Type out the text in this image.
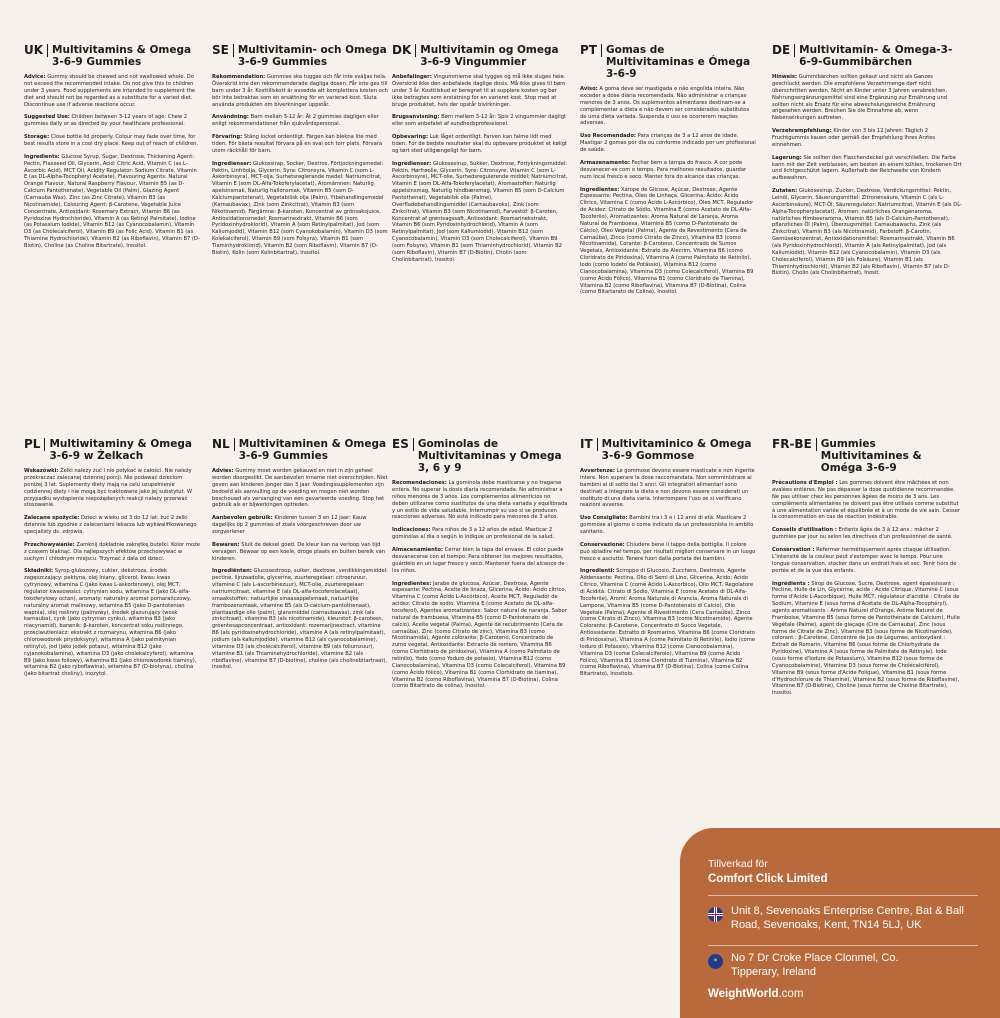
UK Multivitamins & Omega 3-6-9 Gummies

Advice: Gummy should be chewed and not swallowed whole. Do not exceed the recommended intake. Do not give this to children under 3 years. Food supplements are intended to supplement the diet and should not be regarded as a substitute for a varied diet. Discontinue use if adverse reactions occur.

Suggested Use: Children between 3-12 years of age: Chew 2 gummies daily or as directed by your healthcare professional.

Storage: Close bottle lid properly. Colour may fade over time, for best results store in a cool dry place. Keep out of reach of children.

Ingredients: Glucose Syrup, Sugar, Dextrose, Thickening Agent: Pectin, Flaxseed Oil, Glycerin, Acid: Citric Acid, Vitamin C (as L-Ascorbic Acid), MCT Oil, Acidity Regulator: Sodium Citrate, Vitamin E (as DL-Alpha-Tocopheryl Acetate), Flavouring Agents: Natural Orange Flavour, Natural Raspberry Flavour, Vitamin B5 (as D-Calcium Pantothenate), Vegetable Oil (Palm), Glazing Agent (Carnauba Wax), Zinc (as Zinc Citrate), Vitamin B3 (as Nicotinamide), Colouring Agent: β-Carotene, Vegetable Juice Concentrate, Antioxidant: Rosemary Extract, Vitamin B6 (as Pyridoxine Hydrochloride), Vitamin A (as Retinyl Palmitate), Iodine (as Potassium Iodide), Vitamin B12 (as Cyanocobalamin), Vitamin D3 (as Cholecalciferol), Vitamin B9 (as Folic Acid), Vitamin B1 (as Thiamine Hydrochloride), Vitamin B2 (as Riboflavin), Vitamin B7 (D-Biotin), Choline (as Choline Bitartrate), Inositol.

SE Multivitamin- och Omega 3-6-9 Gummies

Rekommendation: Gummies ska tuggas och får inte sväljas hela. Överskrid inte den rekommenderade dagliga dosen. Får inte ges till barn under 3 år. Kosttillskott är avsedda att komplettera kosten och bör inte betraktas som en ersättning för en varierad kost. Sluta använda produkten om biverkningar uppstår.

Användning: Barn mellan 3-12 år: Ät 2 gummies dagligen eller enligt rekommendationer från sjukvårdspersonal.

Förvaring: Stäng locket ordentligt. Färgen kan blekna lite med tiden. För bästa resultat förvara på en sval och torr plats. Förvara utom räckhåll för barn.

Ingredienser: Glukossirap, Socker, Dextros, Förtjockningsmedel: Pektin, Linfröolja, Glycerin, Syra: Citronsyra, Vitamin C (som L-Askorbinsyra), MCT-olja, Surhetsreglerande medel: Natriumcitrat, Vitamin E (som DL-Alfa-Tokoferylacetat), Aromämnen: Naturlig apelsinsmak, Naturlig hallonsmak, Vitamin B5 (som D-Kalciumpantotenat), Vegetabilisk olja (Palm), Ytbehandlingsmedel (Karnaubavax), Zink (som Zinkcitrat), Vitamin B3 (som Nikotinamid), Färgämne: β-karoten, Koncentrat av grönsaksjuice, Antioxidationsmedel: Rosmarinextrakt, Vitamin B6 (som Pyridoxinhydroklorid), Vitamin A (som Retinylpalmitat), Jod (som Kaliumjodid), Vitamin B12 (som Cyanokobalamin), Vitamin D3 (som Kolekalciferol), Vitamin B9 (som Folsyra), Vitamin B1 (som Tiaminhydroklorid), Vitamin B2 (som Riboflavin), Vitamin B7 (D-Biotin), Kolin (som Kolinbitartrat), Inositol.

DK Multivitamin og Omega 3-6-9 Vingummier

Anbefalinger: Vingummierne skal tygges og må ikke sluges hele. Overskrid ikke den anbefalede daglige dosis. Må ikke gives til børn under 3 år. Kosttilskud er beregnet til at supplere kosten og bør ikke betragtes som erstatning for en varieret kost. Stop med at bruge produktet, hvis der opstår bivirkninger.

Brugsanvisning: Børn mellem 3-12 år: Spis 2 vingummier dagligt eller som anbefalet af sundhedsprofessionel.

Opbevaring: Luk låget ordentligt. Farven kan falme lidt med tiden. For de bedste resultater skal du opbevare produktet et køligt og tørt sted utilgængeligt for børn.

Ingredienser: Glukosesirup, Sukker, Dextrose, Fortykningsmiddel: Pektin, Hørfrøolie, Glycerin, Syre: Citronsyre, Vitamin C (som L-Ascorbinsyre), MCT-olie, Surhedsregulerende middel: Natriumcitrat, Vitamin E (som DL-Alfa-Tokoferylacetat), Aromastoffer: Naturlig appelsinsmag, Naturlig hindbærsmag, Vitamin B5 (som D-Calcium Pantothenat), Vegetabilsk olie (Palme), Overfladebehandlingsmiddel (Carnaubavoks), Zink (som Zinkcitrat), Vitamin B3 (som Nicotinamid), Farvestof: β-Caroten, Koncentrat af grøntsagssaft, Antioxidant: Rosmarinekstrakt, Vitamin B6 (som Pyridoxinhydrochlorid), Vitamin A (som Retinylpalmitat), Jod (som Kaliumiodid), Vitamin B12 (som Cyanocobalamin), Vitamin D3 (som Cholecalciferol), Vitamin B9 (som Folsyre), Vitamin B1 (som Thiaminhydrochlorid), Vitamin B2 (som Riboflavin), Vitamin B7 (D-Biotin), Cholin (som Cholinbitartrat), Inositol.

PT Gomas de Multivitaminas e Ómega 3-6-9

Aviso: A goma deve ser mastigada e não engolida inteira. Não exceder a dose diária recomendada. Não administrar a crianças menores de 3 anos. Os suplementos alimentares destinam-se a complementar a dieta e não devem ser considerados substitutos de uma dieta variada. Suspenda o uso se ocorrerem reações adversas.

Uso Recomendado: Para crianças de 3 a 12 anos de idade. Mastigar 2 gomas por dia ou conforme indicado por um profissional de saúde.

Armazenamento: Fechar bem a tampa do frasco. A cor pode desvanecer-se com o tempo. Para melhores resultados, guardar num local fresco e seco. Manter fora do alcance das crianças.

Ingredientes: Xarope de Glicose, Açúcar, Dextrose, Agente Espessante: Pectina, Óleo de Linhaça, Glicerina, Ácido: Ácido Cítrico, Vitamina C (como Ácido L-Ascórbico), Óleo MCT, Regulador de Acidez: Citrato de Sódio, Vitamina E (como Acetato de DL-Alfa-Tocoferilo), Aromatizantes: Aroma Natural de Laranja, Aroma Natural de Framboesa, Vitamina B5 (como D-Pantotenato de Cálcio), Óleo Vegetal (Palma), Agente de Revestimento (Cera de Carnaúba), Zinco (como Citrato de Zinco), Vitamina B3 (como Nicotinamida), Corante: β-Caroteno, Concentrado de Sumos Vegetais, Antioxidante: Extrato de Alecrim, Vitamina B6 (como Cloridrato de Piridoxina), Vitamina A (como Palmitato de Retinilo), Iodo (como Iodeto de Potássio), Vitamina B12 (como Cianocobalamina), Vitamina D3 (como Colecalciferol), Vitamina B9 (como Ácido Fólico), Vitamina B1 (como Cloridrato de Tiamina), Vitamina B2 (como Riboflavina), Vitamina B7 (D-Biotina), Colina (como Bitartarato de Colina), Inositol.

DE Multivitamin- & Omega-3-6-9-Gummibärchen

Hinweis: Gummibärchen sollten gekaut und nicht als Ganzes geschluckt werden. Die empfohlene Verzehrmenge darf nicht überschritten werden. Nicht an Kinder unter 3 Jahren verabreichen. Nahrungsergänzungsmittel sind eine Ergänzung zur Ernährung und sollten nicht als Ersatz für eine abwechslungsreiche Ernährung angesehen werden. Brechen Sie die Einnahme ab, wenn Nebenwirkungen auftreten.

Verzehrempfehlung: Kinder von 3 bis 12 Jahren: Täglich 2 Fruchtgummis kauen oder gemäß der Empfehlung Ihres Arztes einnehmen.

Lagerung: Sie sollten den Flaschendeckel gut verschließen. Die Farbe kann mit der Zeit verblassen, am besten an einem kühlen, trockenen Ort und lichtgeschützt lagern. Außerhalb der Reichweite von Kindern aufbewahren.

Zutaten: Glukosesirup, Zucker, Dextrose, Verdickungsmittel: Pektin, Leinöl, Glycerin, Säuerungsmittel: Zitronensäure, Vitamin C (als L-Ascorbinsäure), MCT-Öl, Säureregulator: Natriumcitrat, Vitamin E (als DL-Alpha-Tocopherylacetat), Aromen: natürliches Orangenaroma, natürliches Himbeeraroma, Vitamin B5 (als D-Calcium-Pantothenat), pflanzliches Öl (Palm), Überzugsmittel: Carnaubawachs, Zink (als Zinkcitrat), Vitamin B3 (als Nicotinamid), Farbstoff: β-Carotin, Gemüsekonzentrat, Antioxidationsmittel: Rosmarinextrakt, Vitamin B6 (als Pyridoxinhydrochlorid), Vitamin A (als Retinylpalmitat), Jod (als Kaliumiodid), Vitamin B12 (als Cyanocobalamin), Vitamin D3 (als Cholecalciferol), Vitamin B9 (als Folsäure), Vitamin B1 (als Thiaminhydrochlorid), Vitamin B2 (als Riboflavin), Vitamin B7 (als D-Biotin), Cholin (als Cholinbitartrat), Inosit.

PL Multiwitaminy & Omega 3-6-9 w Żelkach

Wskazówki: Żelki należy żuć i nie połykać w całości. Nie należy przekraczać zalecanej dziennej porcji. Nie podawać dzieciom poniżej 3 lat. Suplementy diety mają na celu uzupełnienie codziennej diety i nie mogą być traktowane jako jej substytut. W przypadku wystąpienia niepożądanych reakcji należy przerwać stosowanie.

Zalecane spożycie: Dzieci w wieku od 3 do 12 lat: żuć 2 żelki dziennie lub zgodnie z zaleceniami lekarza lub wykwalifikowanego specjalisty ds. zdrowia.

Przechowywanie: Zamknij dokładnie zakrętkę butelki. Kolor może z czasem blaknąć. Dla najlepszych efektów przechowywać w suchym i chłodnym miejscu. Trzymać z dala od dzieci.

Składniki: Syrop glukozowy, cukier, dekstroza, środek zagęszczający: pektyna, olej lniany, glicerol, kwas: kwas cytrynowy, witamina C (jako kwas L-askorbinowy), olej MCT, regulator kwasowości: cytrynian sodu, witamina E (jako DL-alfa-tokoferylowy octan), aromaty: naturalny aromat pomarańczowy, naturalny aromat malinowy, witamina B5 (jako D-pantotenian wapnia), olej roślinny (palmowy), środek glazurujący (wosk karnauba), cynk (jako cytrynian cynku), witamina B3 (jako niacynamid), barwnik: β-karoten, koncentrat soku roślinnego, przeciwutleniacz: ekstrakt z rozmarynu, witamina B6 (jako chlorowodorek pirydoksyny), witamina A (jako palmitynian retinylu), jod (jako jodek potasu), witamina B12 (jako cyjanokobalamina), witamina D3 (jako cholekalcyferol), witamina B9 (jako kwas foliowy), witamina B1 (jako chlorowodorek tiaminy), witamina B2 (jako ryboflawina), witamina B7 (D-biotyna), cholina (jako bitartrat choliny), inozytol.

NL Multivitaminen & Omega 3-6-9 Gummies

Advies: Gummy moet worden gekauwd en niet in zijn geheel worden doorgeslikt. De aanbevolen inname niet overschrijden. Niet geven aan kinderen jonger dan 3 jaar. Voedingssupplementen zijn bedoeld als aanvulling op de voeding en mogen niet worden beschouwd als vervanging van een gevarieerde voeding. Stop het gebruik als er bijwerkingen optreden.

Aanbevolen gebruik: Kinderen tussen 3 en 12 jaar: Kauw dagelijks op 2 gummies of zoals voorgeschreven door uw zorgverlener

Bewaren: Sluit de deksel goed. De kleur kan na verloop van tijd vervagen. Bewaar op een koele, droge plaats en buiten bereik van kinderen.

Ingrediënten: Glucosestroop, suiker, dextrose, verdikkingsmiddel: pectine, lijnzaadolie, glycerine, zuurteregelaar: citroenzuur, vitamine C (als L-ascorbinezuur), MCT-olie, zuurteregelaar: natriumcitraat, vitamine E (als DL-alfa-tocoferolacetaat), smaakstoffen: natuurlijke sinaasappelsmaak, natuurlijke frambozensmaak, vitamine B5 (als D-calcium-pantothenaat), plantaardige olie (palm), glansmiddel (carnaubawas), zink (als zinkcitraat), vitamine B3 (als nicotinamide), kleurstof: β-caroteen, groentesapconcentraat, antioxidant: rozemarijnextract, vitamine B6 (als pyridoxinehydrochloride), vitamine A (als retinylpalmitaat), jodium (als kaliumjodide), vitamine B12 (als cyanocobalamine), vitamine D3 (als cholecalciferol), vitamine B9 (als foliumzuur), vitamine B1 (als Thiaminehydrochloride), vitamine B2 (als riboflavine), vitamine B7 (D-biotine), choline (als cholinebitartraat), inositol.

ES Gominolas de Multivitaminas y Omega 3, 6 y 9

Recomendaciones: La gominola debe masticarse y no tragarse entera. No superar la dosis diaria recomendada. No administrar a niños menores de 3 años. Los complementos alimenticios no deben utilizarse como sustitutos de una dieta variada y equilibrada y un estilo de vida saludable. Interrumpir su uso si se producen reacciones adversas. No está indicado para menores de 3 años.

Indicaciones: Para niños de 3 a 12 años de edad. Masticar 2 gominolas al día o según lo indique un profesional de la salud.

Almacenamiento: Cerrar bien la tapa del envase. El color puede desvanecerse con el tiempo. Para obtener los mejores resultados, guárdelo en un lugar fresco y seco. Mantener fuera del alcance de los niños.

Ingredientes: Jarabe de glucosa, Azúcar, Dextrosa, Agente espesante: Pectina, Aceite de linaza, Glicerina, Ácido: Ácido cítrico, Vitamina C (como Ácido L-Ascórbico), Aceite MCT, Regulador de acidez: Citrato de sodio, Vitamina E (como Acetato de DL-alfa-tocoferol), Agentes aromatizantes: Sabor natural de naranja, Sabor natural de frambuesa, Vitamina B5 (como D-Pantotenato de calcio), Aceite vegetal (Palma), Agente de recubrimiento (Cera de carnaúba), Zinc (como Citrato de zinc), Vitamina B3 (como Nicotinamida), Agente colorante: β-Caroteno, Concentrado de zumo vegetal, Antioxidante: Extracto de romero, Vitamina B6 (como Clorhidrato de piridoxina), Vitamina A (como Palmitato de retinilo), Yodo (como Yoduro de potasio), Vitamina B12 (como Cianocobalamina), Vitamina D3 (como Colecalciferol), Vitamina B9 (como Ácido fólico), Vitamina B1 (como Clorhidrato de tiamina), Vitamina B2 (como Riboflavina), Vitamina B7 (D-Biotina), Colina (como Bitartrato de colina), Inositol.

IT Multivitaminico & Omega 3-6-9 Gommose

Avvertenze: Le gommose devono essere masticate e non ingerite intere. Non superare la dose raccomandata. Non somministrare ai bambini al di sotto dei 3 anni. Gli integratori alimentari sono destinati a integrare la dieta e non devono essere considerati un sostituto di una dieta varia. Interrompere l'uso se si verificano reazioni avverse.

Uso Consigliato: Bambini tra i 3 e i 12 anni di età: Masticare 2 gommose al giorno o come indicato da un professionista in ambito sanitario.

Conservazione: Chiudere bene il tappo della bottiglia. Il colore può sbiadire nel tempo, per risultati migliori conservare in un luogo fresco e asciutto. Tenere fuori dalla portata dei bambini.

Ingredienti: Sciroppo di Glucosio, Zucchero, Destrosio, Agente Addensante: Pectina, Olio di Semi di Lino, Glicerina, Acido: Acido Citrico, Vitamina C (come Acido L-Ascorbico), Olio MCT, Regolatore di Acidità: Citrato di Sodio, Vitamina E (come Acetato di DL-Alfa-Tocoferile), Aromi: Aroma Naturale di Arancia, Aroma Naturale di Lampone, Vitamina B5 (come D-Pantotenato di Calcio), Olio Vegetale (Palma), Agente di Rivestimento (Cera Carnauba), Zinco (come Citrato di Zinco), Vitamina B3 (come Nicotinamide), Agente Colorante: β-Carotene, Concentrato di Succo Vegetale, Antiossidante: Estratto di Rosmarino, Vitamina B6 (come Cloridrato di Piridossina), Vitamina A (come Palmitato di Retinile), Iodio (come Ioduro di Potassio), Vitamina B12 (come Cianocobalamina), Vitamina D3 (come Colecalciferolo), Vitamina B9 (come Acido Folico), Vitamina B1 (come Cloridrato di Tiamina), Vitamina B2 (come Riboflavina), Vitamina B7 (D-Biotina), Colina (come Colina Bitartrato), Inositolo.

FR-BE Gummies Multivitamines & Oméga 3-6-9

Précautions d'Emploi : Les gommes doivent être mâchées et non avalées entières. Ne pas dépasser la dose quotidienne recommandée. Ne pas utiliser chez les personnes âgées de moins de 3 ans. Les compléments alimentaires ne doivent pas être utilisés comme substitut à une alimentation variée et équilibrée et à un mode de vie sain. Cesser la consommation en cas de réaction indésirable.

Conseils d'utilisation : Enfants âgés de 3 à 12 ans : mâcher 2 gummies par jour ou selon les directives d'un professionnel de santé.

Conservation : Refermer hermétiquement après chaque utilisation. L'intensité de la couleur peut s'estomper avec le temps. Pour une longue conservation, stocker dans un endroit frais et sec. Tenir hors de portée et de la vue des enfants.

Ingrédients : Sirop de Glucose, Sucre, Dextrose, agent épaississant : Pectine, Huile de Lin, Glycérine, acide : Acide Citrique, Vitamine C (sous forme d'Acide L-Ascorbique), Huile MCT, régulateur d'acidité : Citrate de Sodium, Vitamine E (sous forme d'Acétate de DL-Alpha-Tocophéryl), agents aromatisants : Arôme Naturel d'Orange, Arôme Naturel de Framboise, Vitamine B5 (sous forme de Pantothénate de Calcium), Huile Végétale (Palme), agent de glaçage (Cire de Carnauba), Zinc (sous forme de Citrate de Zinc), Vitamine B3 (sous forme de Nicotinamide), colorant : β-Carotène, Concentré de Jus de Légumes, antioxydant : Extrait de Romarin, Vitamine B6 (sous forme de Chlorhydrate de Pyridoxine), Vitamine A (sous forme de Palmitate de Rétinyle), Iode (sous forme d'Iodure de Potassium), Vitamine B12 (sous forme de Cyanocobalamine), Vitamine D3 (sous forme de Cholécalciférol), Vitamine B9 (sous forme d'Acide Folique), Vitamine B1 (sous forme d'Hydrochlorure de Thiamine), Vitamine B2 (sous forme de Riboflavine), Vitamine B7 (D-Biotine), Choline (sous forme de Choline Bitartrate), Inositol.

Tillverkad för
Comfort Click Limited
Unit 8, Sevenoaks Enterprise Centre, Bat & Ball Road, Sevenoaks, Kent, TN14 5LJ, UK
✶ No 7 Dr Croke Place Clonmel, Co. Tipperary, Ireland
WeightWorld.com
